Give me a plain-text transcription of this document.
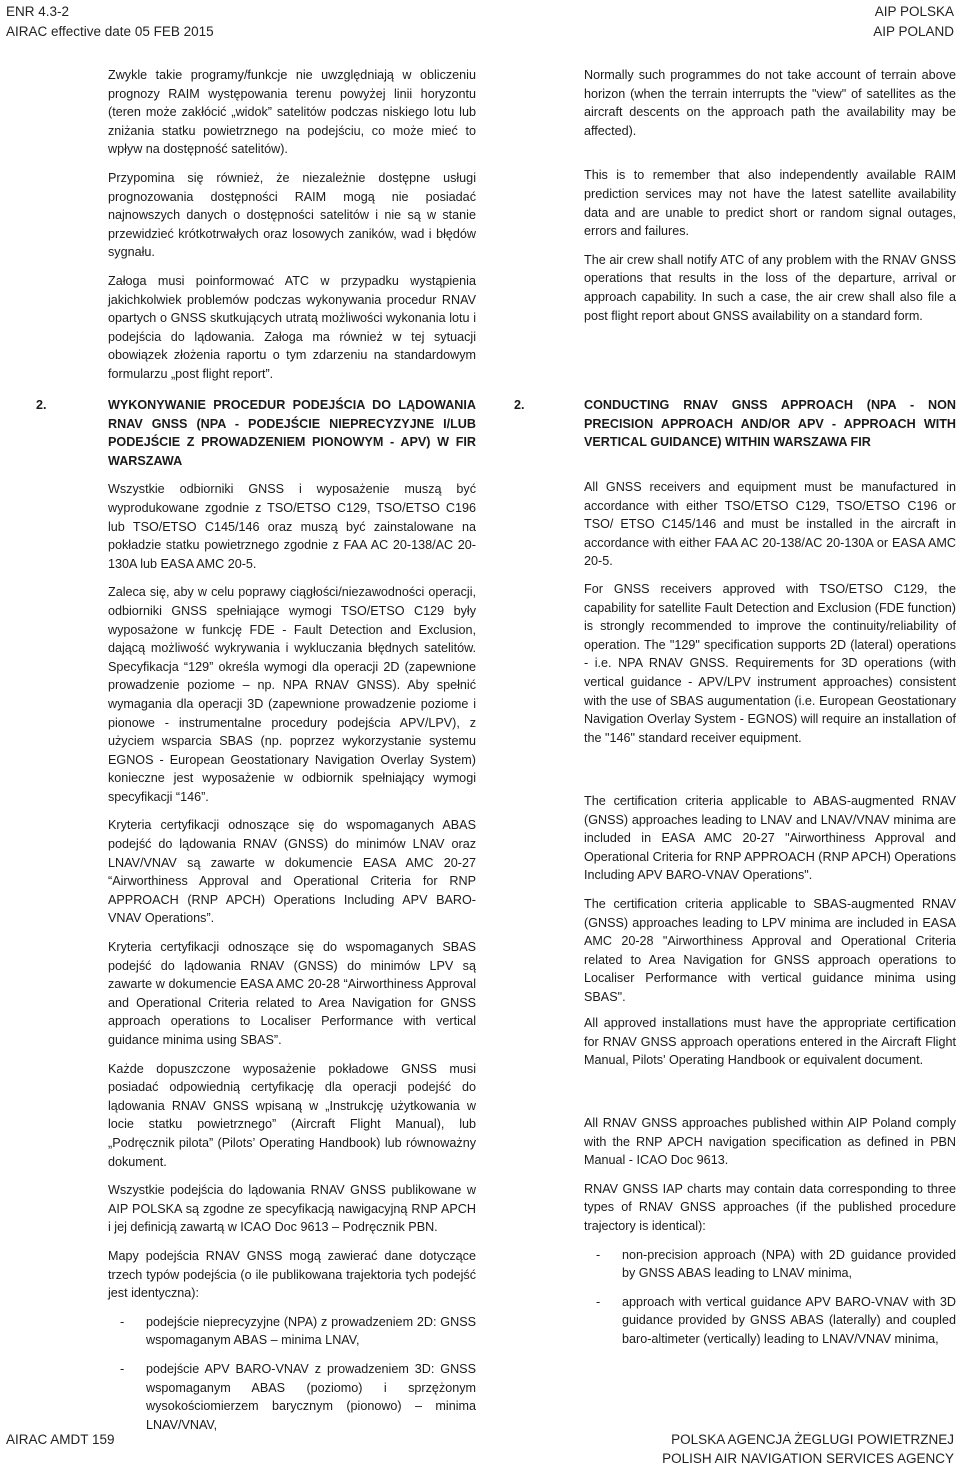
ENR 4.3-2
AIRAC effective date 05 FEB 2015
AIP POLSKA
AIP POLAND

Zwykle takie programy/funkcje nie uwzględniają w obliczeniu prognozy RAIM występowania terenu powyżej linii horyzontu (teren może zakłócić „widok” satelitów podczas niskiego lotu lub zniżania statku powietrznego na podejściu, co może mieć to wpływ na dostępność satelitów).

Przypomina się również, że niezależnie dostępne usługi prognozowania dostępności RAIM mogą nie posiadać najnowszych danych o dostępności satelitów i nie są w stanie przewidzieć krótkotrwałych oraz losowych zaników, wad i błędów sygnału.

Załoga musi poinformować ATC w przypadku wystąpienia jakichkolwiek problemów podczas wykonywania procedur RNAV opartych o GNSS skutkujących utratą możliwości wykonania lotu i podejścia do lądowania. Załoga ma również w tej sytuacji obowiązek złożenia raportu o tym zdarzeniu na standardowym formularzu „post flight report”.

Normally such programmes do not take account of terrain above horizon (when the terrain interrupts the "view" of satellites as the aircraft descents on the approach path the availability may be affected).

This is to remember that also independently available RAIM prediction services may not have the latest satellite availability data and are unable to predict short or random signal outages, errors and failures.

The air crew shall notify ATC of any problem with the RNAV GNSS operations that results in the loss of the departure, arrival or approach capability. In such a case, the air crew shall also file a post flight report about GNSS availability on a standard form.

2.	2.

WYKONYWANIE PROCEDUR PODEJŚCIA DO LĄDOWANIA RNAV GNSS (NPA - PODEJŚCIE NIEPRECYZYJNE I/LUB PODEJŚCIE Z PROWADZENIEM PIONOWYM - APV) W FIR WARSZAWA

Wszystkie odbiorniki GNSS i wyposażenie muszą być wyprodukowane zgodnie z TSO/ETSO C129, TSO/ETSO C196 lub TSO/ETSO C145/146 oraz muszą być zainstalowane na pokładzie statku powietrznego zgodnie z FAA AC 20-138/AC 20-130A lub EASA AMC 20-5.

Zaleca się, aby w celu poprawy ciągłości/niezawodności operacji, odbiorniki GNSS spełniające wymogi TSO/ETSO C129 były wyposażone w funkcję FDE - Fault Detection and Exclusion, dającą możliwość wykrywania i wykluczania błędnych satelitów. Specyfikacja “129” określa wymogi dla operacji 2D (zapewnione prowadzenie poziome – np. NPA RNAV GNSS). Aby spełnić wymagania dla operacji 3D (zapewnione prowadzenie poziome i pionowe - instrumentalne procedury podejścia APV/LPV), z użyciem wsparcia SBAS (np. poprzez wykorzystanie systemu EGNOS - European Geostationary Navigation Overlay System) konieczne jest wyposażenie w odbiornik spełniający wymogi specyfikacji “146”.

Kryteria certyfikacji odnoszące się do wspomaganych ABAS podejść do lądowania RNAV (GNSS) do minimów LNAV oraz LNAV/VNAV są zawarte w dokumencie EASA AMC 20-27 “Airworthiness Approval and Operational Criteria for RNP APPROACH (RNP APCH) Operations Including APV BARO-VNAV Operations”.

Kryteria certyfikacji odnoszące się do wspomaganych SBAS podejść do lądowania RNAV (GNSS) do minimów LPV są zawarte w dokumencie EASA AMC 20-28 “Airworthiness Approval and Operational Criteria related to Area Navigation for GNSS approach operations to Localiser Performance with vertical guidance minima using SBAS”.

Każde dopuszczone wyposażenie pokładowe GNSS musi posiadać odpowiednią certyfikację dla operacji podejść do lądowania RNAV GNSS wpisaną w „Instrukcję użytkowania w locie statku powietrznego” (Aircraft Flight Manual), lub „Podręcznik pilota” (Pilots’ Operating Handbook) lub równoważny dokument.

Wszystkie podejścia do lądowania RNAV GNSS publikowane w AIP POLSKA są zgodne ze specyfikacją nawigacyjną RNP APCH i jej definicją zawartą w ICAO Doc 9613 – Podręcznik PBN.

Mapy podejścia RNAV GNSS mogą zawierać dane dotyczące trzech typów podejścia (o ile publikowana trajektoria tych podejść jest identyczna):

-	podejście nieprecyzyjne (NPA) z prowadzeniem 2D: GNSS wspomaganym ABAS – minima LNAV,
-	podejście APV BARO-VNAV z prowadzeniem 3D: GNSS wspomaganym ABAS (poziomo) i sprzężonym wysokościomierzem barycznym (pionowo) – minima LNAV/VNAV,

CONDUCTING RNAV GNSS APPROACH (NPA - NON PRECISION APPROACH AND/OR APV - APPROACH WITH VERTICAL GUIDANCE) WITHIN WARSZAWA FIR

All GNSS receivers and equipment must be manufactured in accordance with either TSO/ETSO C129, TSO/ETSO C196 or TSO/ ETSO C145/146 and must be installed in the aircraft in accordance with either FAA AC 20-138/AC 20-130A or EASA AMC 20-5.

For GNSS receivers approved with TSO/ETSO C129, the capability for satellite Fault Detection and Exclusion (FDE function) is strongly recommended to improve the continuity/reliability of operation. The "129" specification supports 2D (lateral) operations - i.e. NPA RNAV GNSS. Requirements for 3D operations (with vertical guidance - APV/LPV instrument approaches) consistent with the use of SBAS augumentation (i.e. European Geostationary Navigation Overlay System - EGNOS) will require an installation of the "146" standard receiver equipment.

The certification criteria applicable to ABAS-augmented RNAV (GNSS) approaches leading to LNAV and LNAV/VNAV minima are included in EASA AMC 20-27 "Airworthiness Approval and Operational Criteria for RNP APPROACH (RNP APCH) Operations Including APV BARO-VNAV Operations".

The certification criteria applicable to SBAS-augmented RNAV (GNSS) approaches leading to LPV minima are included in EASA AMC 20-28 "Airworthiness Approval and Operational Criteria related to Area Navigation for GNSS approach operations to Localiser Performance with vertical guidance minima using SBAS".

All approved installations must have the appropriate certification for RNAV GNSS approach operations entered in the Aircraft Flight Manual, Pilots' Operating Handbook or equivalent document.

All RNAV GNSS approaches published within AIP Poland comply with the RNP APCH navigation specification as defined in PBN Manual - ICAO Doc 9613.

RNAV GNSS IAP charts may contain data corresponding to three types of RNAV GNSS approaches (if the published procedure trajectory is identical):

-	non-precision approach (NPA) with 2D guidance provided by GNSS ABAS leading to LNAV minima,
-	approach with vertical guidance APV BARO-VNAV with 3D guidance provided by GNSS ABAS (laterally) and coupled baro-altimeter (vertically) leading to LNAV/VNAV minima,
AIRAC AMDT 159	POLSKA AGENCJA ŻEGLUGI POWIETRZNEJ
POLISH AIR NAVIGATION SERVICES AGENCY
